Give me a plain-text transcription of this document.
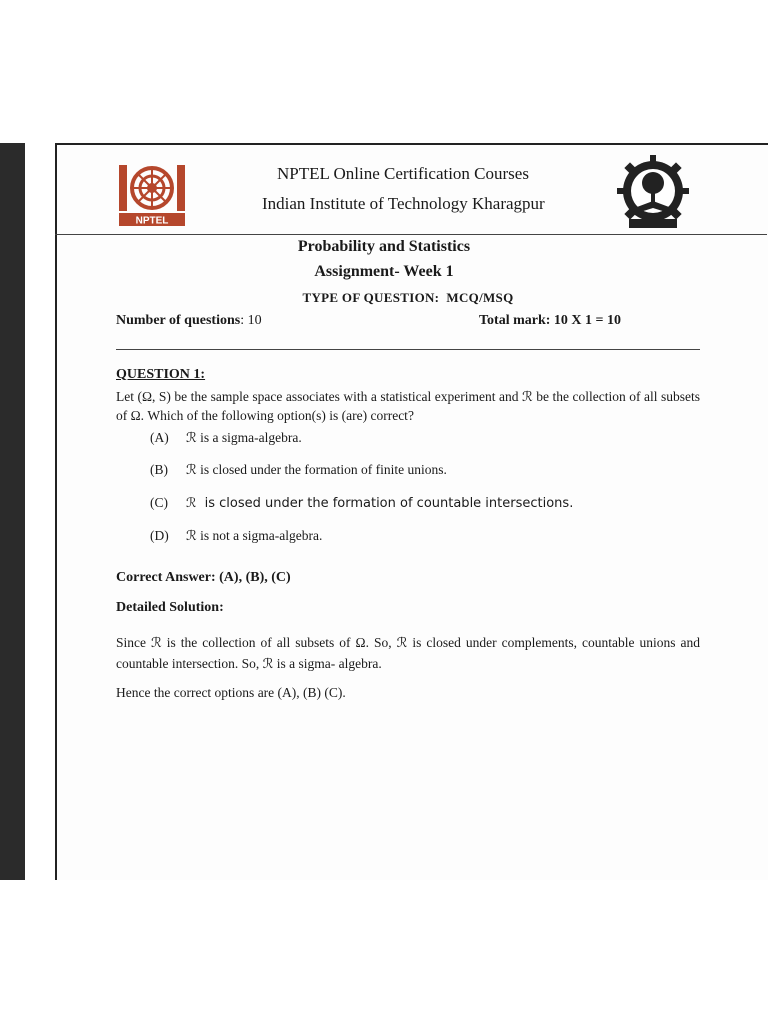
NPTEL
NPTEL Online Certification Courses
Indian Institute of Technology Kharagpur
Probability and Statistics
Assignment- Week 1
TYPE OF QUESTION:  MCQ/MSQ
Number of questions: 10	Total mark: 10 X 1 = 10
QUESTION 1:
Let (Ω, S) be the sample space associates with a statistical experiment and ℛ be the collection of all subsets of Ω. Which of the following option(s) is (are) correct?
(A) ℛ is a sigma-algebra.
(B) ℛ is closed under the formation of finite unions.
(C) ℛ  is closed under the formation of countable intersections.
(D) ℛ is not a sigma-algebra.
Correct Answer: (A), (B), (C)
Detailed Solution:
Since ℛ is the collection of all subsets of Ω. So, ℛ is closed under complements, countable unions and countable intersection. So, ℛ is a sigma- algebra.
Hence the correct options are (A), (B) (C).
